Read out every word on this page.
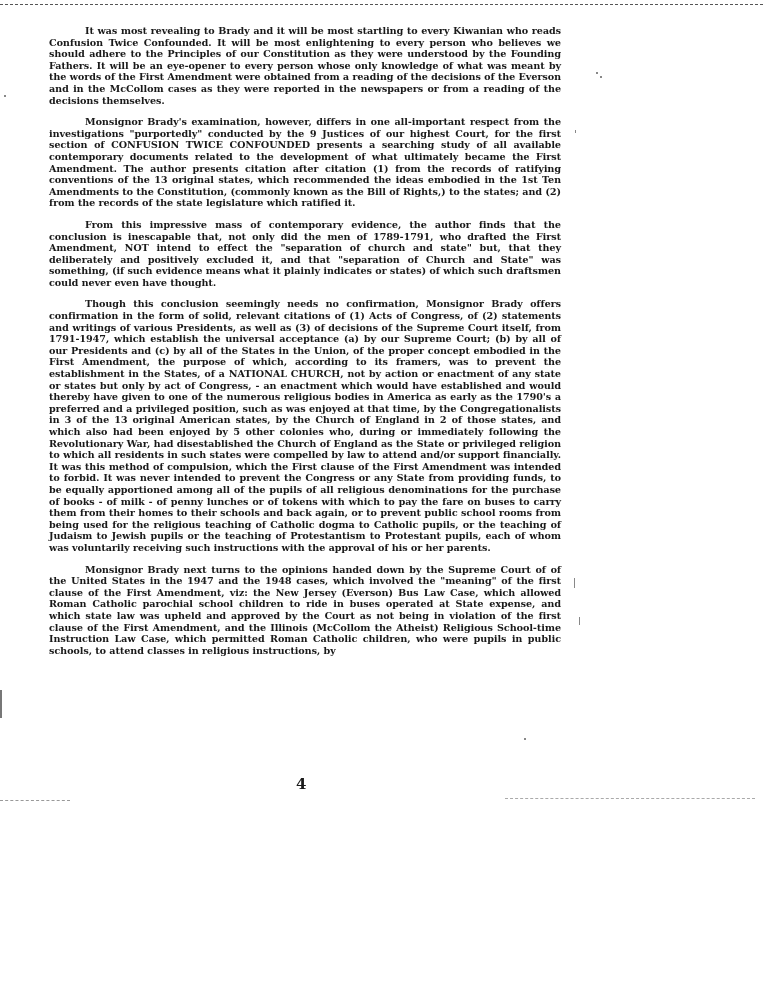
It was most revealing to Brady and it will be most startling to every Kiwanian who reads Confusion Twice Confounded. It will be most enlightening to every person who believes we should adhere to the Principles of our Constitution as they were understood by the Founding Fathers. It will be an eye-opener to every person whose only knowledge of what was meant by the words of the First Amendment were obtained from a reading of the decisions of the Everson and in the McCollom cases as they were reported in the newspapers or from a reading of the decisions themselves.

Monsignor Brady's examination, however, differs in one all-important respect from the investigations "purportedly" conducted by the 9 Justices of our highest Court, for the first section of CONFUSION TWICE CONFOUNDED presents a searching study of all available contemporary documents related to the development of what ultimately became the First Amendment. The author presents citation after citation (1) from the records of ratifying conventions of the 13 original states, which recommended the ideas embodied in the 1st Ten Amendments to the Constitution, (commonly known as the Bill of Rights,) to the states; and (2) from the records of the state legislature which ratified it.

From this impressive mass of contemporary evidence, the author finds that the conclusion is inescapable that, not only did the men of 1789-1791, who drafted the First Amendment, NOT intend to effect the "separation of church and state" but, that they deliberately and positively excluded it, and that "separation of Church and State" was something, (if such evidence means what it plainly indicates or states) of which such draftsmen could never even have thought.

Though this conclusion seemingly needs no confirmation, Monsignor Brady offers confirmation in the form of solid, relevant citations of (1) Acts of Congress, of (2) statements and writings of various Presidents, as well as (3) of decisions of the Supreme Court itself, from 1791-1947, which establish the universal acceptance (a) by our Supreme Court; (b) by all of our Presidents and (c) by all of the States in the Union, of the proper concept embodied in the First Amendment, the purpose of which, according to its framers, was to prevent the establishment in the States, of a NATIONAL CHURCH, not by action or enactment of any state or states but only by act of Congress, - an enactment which would have established and would thereby have given to one of the numerous religious bodies in America as early as the 1790's a preferred and a privileged position, such as was enjoyed at that time, by the Congregationalists in 3 of the 13 original American states, by the Church of England in 2 of those states, and which also had been enjoyed by 5 other colonies who, during or immediately following the Revolutionary War, had disestablished the Church of England as the State or privileged religion to which all residents in such states were compelled by law to attend and/or support financially. It was this method of compulsion, which the First clause of the First Amendment was intended to forbid. It was never intended to prevent the Congress or any State from providing funds, to be equally apportioned among all of the pupils of all religious denominations for the purchase of books - of milk - of penny lunches or of tokens with which to pay the fare on buses to carry them from their homes to their schools and back again, or to prevent public school rooms from being used for the religious teaching of Catholic dogma to Catholic pupils, or the teaching of Judaism to Jewish pupils or the teaching of Protestantism to Protestant pupils, each of whom was voluntarily receiving such instructions with the approval of his or her parents.

Monsignor Brady next turns to the opinions handed down by the Supreme Court of of the United States in the 1947 and the 1948 cases, which involved the "meaning" of the first clause of the First Amendment, viz: the New Jersey (Everson) Bus Law Case, which allowed Roman Catholic parochial school children to ride in buses operated at State expense, and which state law was upheld and approved by the Court as not being in violation of the first clause of the First Amendment, and the Illinois (McCollom the Atheist) Religious School-time Instruction Law Case, which permitted Roman Catholic children, who were pupils in public schools, to attend classes in religious instructions, by

4
